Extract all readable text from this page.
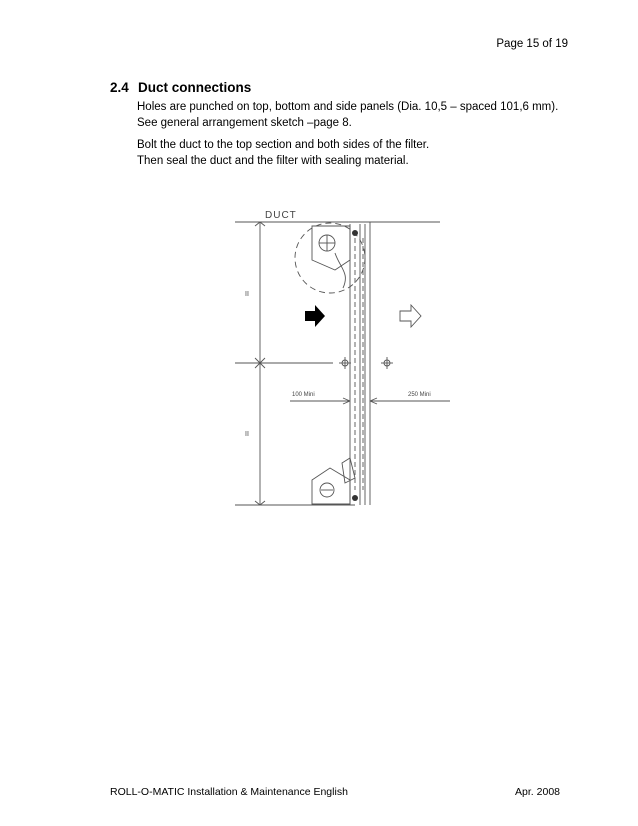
Page 15 of 19
2.4 Duct connections
Holes are punched on top, bottom and side panels (Dia. 10,5 – spaced 101,6 mm).
See general arrangement sketch –page 8.
Bolt the duct to the top section and both sides of the filter.
Then seal the duct and the filter with sealing material.
DUCT
100 Mini	250 Mini
II
II
ROLL-O-MATIC Installation & Maintenance English	Apr. 2008
